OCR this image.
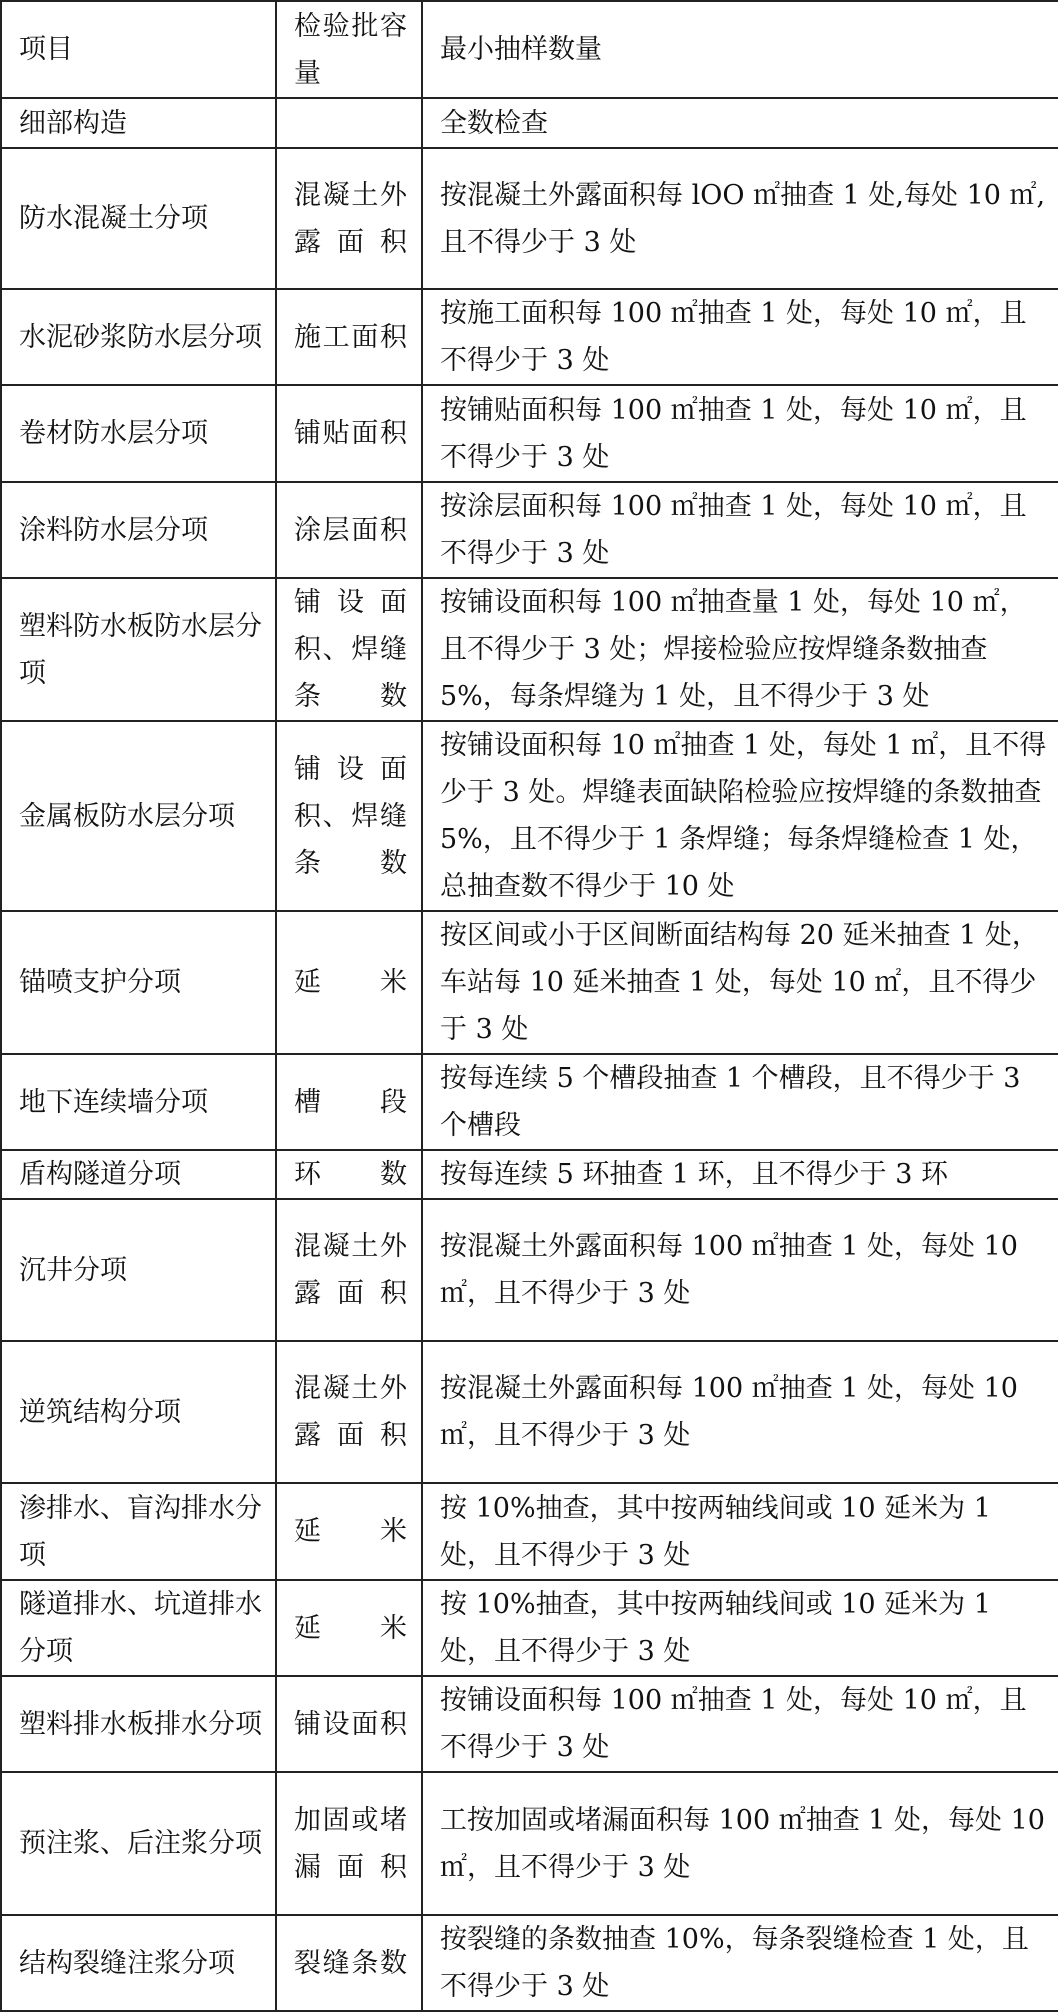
项目	检验批容量	最小抽样数量
细部构造		全数检查
防水混凝土分项	混凝土外露面积	按混凝土外露面积每 lOO ㎡抽查 1 处,每处 10 ㎡,且不得少于 3 处
水泥砂浆防水层分项	施工面积	按施工面积每 100 ㎡抽查 1 处，每处 10 ㎡，且不得少于 3 处
卷材防水层分项	铺贴面积	按铺贴面积每 100 ㎡抽查 1 处，每处 10 ㎡，且不得少于 3 处
涂料防水层分项	涂层面积	按涂层面积每 100 ㎡抽查 1 处，每处 10 ㎡，且不得少于 3 处
塑料防水板防水层分项	铺设面积、焊缝条数	按铺设面积每 100 ㎡抽查量 1 处，每处 10 ㎡，且不得少于 3 处；焊接检验应按焊缝条数抽查 5%，每条焊缝为 1 处，且不得少于 3 处
金属板防水层分项	铺设面积、焊缝条数	按铺设面积每 10 ㎡抽查 1 处，每处 1 ㎡，且不得少于 3 处。焊缝表面缺陷检验应按焊缝的条数抽查 5%，且不得少于 1 条焊缝；每条焊缝检查 1 处，总抽查数不得少于 10 处
锚喷支护分项	延米	按区间或小于区间断面结构每 20 延米抽查 1 处，车站每 10 延米抽查 1 处，每处 10 ㎡，且不得少于 3 处
地下连续墙分项	槽段	按每连续 5 个槽段抽查 1 个槽段，且不得少于 3 个槽段
盾构隧道分项	环数	按每连续 5 环抽查 1 环，且不得少于 3 环
沉井分项	混凝土外露面积	按混凝土外露面积每 100 ㎡抽查 1 处，每处 10 ㎡，且不得少于 3 处
逆筑结构分项	混凝土外露面积	按混凝土外露面积每 100 ㎡抽查 1 处，每处 10 ㎡，且不得少于 3 处
渗排水、盲沟排水分项	延米	按 10%抽查，其中按两轴线间或 10 延米为 1 处，且不得少于 3 处
隧道排水、坑道排水分项	延米	按 10%抽查，其中按两轴线间或 10 延米为 1 处，且不得少于 3 处
塑料排水板排水分项	铺设面积	按铺设面积每 100 ㎡抽查 1 处，每处 10 ㎡，且不得少于 3 处
预注浆、后注浆分项	加固或堵漏面积	工按加固或堵漏面积每 100 ㎡抽查 1 处，每处 10 ㎡，且不得少于 3 处
结构裂缝注浆分项	裂缝条数	按裂缝的条数抽查 10%，每条裂缝检查 1 处，且不得少于 3 处
